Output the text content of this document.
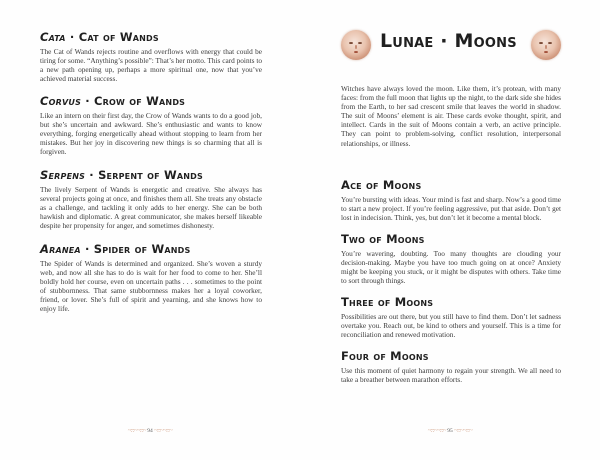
Cata · Cat of Wands

The Cat of Wands rejects routine and overflows with energy that could be tiring for some. “Anything’s possible”: That’s her motto. This card points to a new path opening up, perhaps a more spiritual one, now that you’ve achieved material success.

Corvus · Crow of Wands

Like an intern on their first day, the Crow of Wands wants to do a good job, but she’s uncertain and awkward. She’s enthusiastic and wants to know everything, forging energetically ahead without stopping to learn from her mistakes. But her joy in discovering new things is so charming that all is forgiven.

Serpens · Serpent of Wands

The lively Serpent of Wands is energetic and creative. She always has several projects going at once, and finishes them all. She treats any obstacle as a challenge, and tackling it only adds to her energy. She can be both hawkish and diplomatic. A great communicator, she makes herself likeable despite her propensity for anger, and sometimes dishonesty.

Aranea · Spider of Wands

The Spider of Wands is determined and organized. She’s woven a sturdy web, and now all she has to do is wait for her food to come to her. She’ll boldly hold her course, even on uncertain paths . . . sometimes to the point of stubbornness. That same stubbornness makes her a loyal coworker, friend, or lover. She’s full of spirit and yearning, and she knows how to enjoy life.

~ෆ~~ෆ~ 94 ~ෆ~~ෆ~
Lunae · Moons

Witches have always loved the moon. Like them, it’s protean, with many faces: from the full moon that lights up the night, to the dark side she hides from the Earth, to her sad crescent smile that leaves the world in shadow. The suit of Moons’ element is air. These cards evoke thought, spirit, and intellect. Cards in the suit of Moons contain a verb, an active principle. They can point to problem-solving, conflict resolution, interpersonal relationships, or illness.

Ace of Moons

You’re bursting with ideas. Your mind is fast and sharp. Now’s a good time to start a new project. If you’re feeling aggressive, put that aside. Don’t get lost in indecision. Think, yes, but don’t let it become a mental block.

Two of Moons

You’re wavering, doubting. Too many thoughts are clouding your decision-making. Maybe you have too much going on at once? Anxiety might be keeping you stuck, or it might be disputes with others. Take time to sort through things.

Three of Moons

Possibilities are out there, but you still have to find them. Don’t let sadness overtake you. Reach out, be kind to others and yourself. This is a time for reconciliation and renewed motivation.

Four of Moons

Use this moment of quiet harmony to regain your strength. We all need to take a breather between marathon efforts.

~ෆ~~ෆ~ 95 ~ෆ~~ෆ~
